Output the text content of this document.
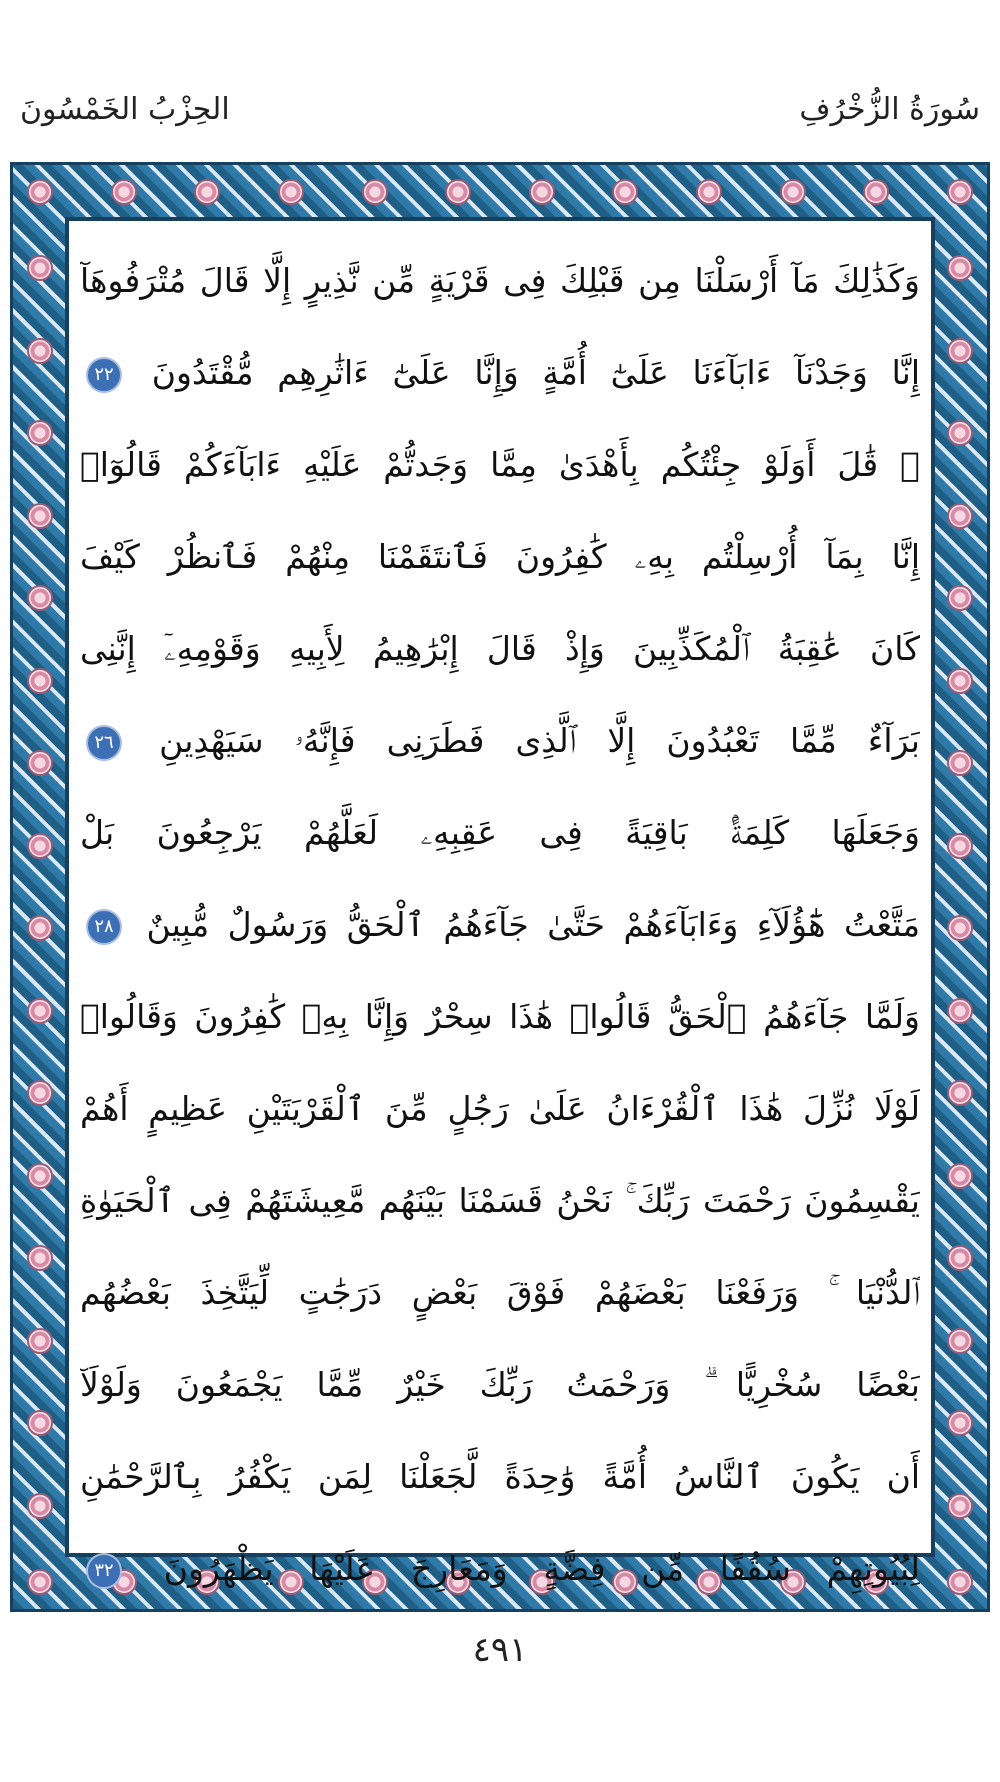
سُورَةُ الزُّخْرُفِ
الحِزْبُ الخَمْسُونَ
وَكَذَٰلِكَ مَآ أَرْسَلْنَا مِن قَبْلِكَ فِى قَرْيَةٍ مِّن نَّذِيرٍ إِلَّا قَالَ مُتْرَفُوهَآ
إِنَّا وَجَدْنَآ ءَابَآءَنَا عَلَىٰٓ أُمَّةٍ وَإِنَّا عَلَىٰٓ ءَاثَٰرِهِم مُّقْتَدُونَ ٢٢
۞ قَٰلَ أَوَلَوْ جِئْتُكُم بِأَهْدَىٰ مِمَّا وَجَدتُّمْ عَلَيْهِ ءَابَآءَكُمْ قَالُوٓا۟
إِنَّا بِمَآ أُرْسِلْتُم بِهِۦ كَٰفِرُونَ فَٱنتَقَمْنَا مِنْهُمْ فَٱنظُرْ كَيْفَ
كَانَ عَٰقِبَةُ ٱلْمُكَذِّبِينَ وَإِذْ قَالَ إِبْرَٰهِيمُ لِأَبِيهِ وَقَوْمِهِۦٓ إِنَّنِى
بَرَآءٌ مِّمَّا تَعْبُدُونَ إِلَّا ٱلَّذِى فَطَرَنِى فَإِنَّهُۥ سَيَهْدِينِ ٢٦
وَجَعَلَهَا كَلِمَةًۢ بَاقِيَةً فِى عَقِبِهِۦ لَعَلَّهُمْ يَرْجِعُونَ بَلْ
مَتَّعْتُ هَٰٓؤُلَآءِ وَءَابَآءَهُمْ حَتَّىٰ جَآءَهُمُ ٱلْحَقُّ وَرَسُولٌ مُّبِينٌ ٢٨
وَلَمَّا جَآءَهُمُ ٱلْحَقُّ قَالُوا۟ هَٰذَا سِحْرٌ وَإِنَّا بِهِۦ كَٰفِرُونَ وَقَالُوا۟
لَوْلَا نُزِّلَ هَٰذَا ٱلْقُرْءَانُ عَلَىٰ رَجُلٍ مِّنَ ٱلْقَرْيَتَيْنِ عَظِيمٍ أَهُمْ
يَقْسِمُونَ رَحْمَتَ رَبِّكَ ۚ نَحْنُ قَسَمْنَا بَيْنَهُم مَّعِيشَتَهُمْ فِى ٱلْحَيَوٰةِ
ٱلدُّنْيَا ۚ وَرَفَعْنَا بَعْضَهُمْ فَوْقَ بَعْضٍ دَرَجَٰتٍ لِّيَتَّخِذَ بَعْضُهُم
بَعْضًا سُخْرِيًّا ۗ وَرَحْمَتُ رَبِّكَ خَيْرٌ مِّمَّا يَجْمَعُونَ وَلَوْلَآ
أَن يَكُونَ ٱلنَّاسُ أُمَّةً وَٰحِدَةً لَّجَعَلْنَا لِمَن يَكْفُرُ بِٱلرَّحْمَٰنِ
لِبُيُوتِهِمْ سُقُفًا مِّن فِضَّةٍ وَمَعَارِجَ عَلَيْهَا يَظْهَرُونَ ٣٢
٤٩١
